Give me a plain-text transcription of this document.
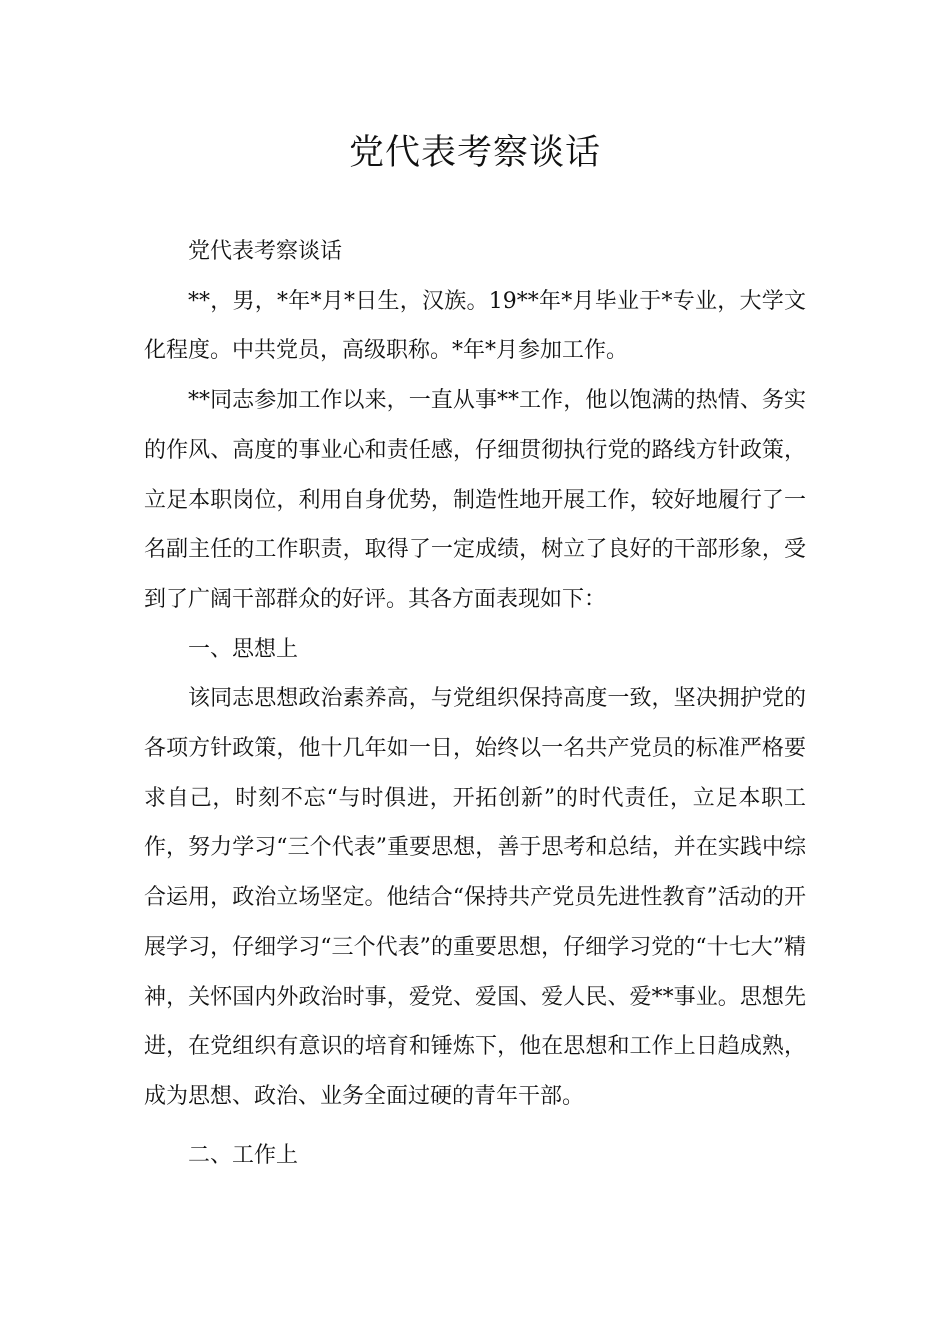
党代表考察谈话

党代表考察谈话

**，男，*年*月*日生，汉族。19**年*月毕业于*专业，大学文化程度。中共党员，高级职称。*年*月参加工作。

**同志参加工作以来，一直从事**工作，他以饱满的热情、务实的作风、高度的事业心和责任感，仔细贯彻执行党的路线方针政策，立足本职岗位，利用自身优势，制造性地开展工作，较好地履行了一名副主任的工作职责，取得了一定成绩，树立了良好的干部形象，受到了广阔干部群众的好评。其各方面表现如下：

一、思想上

该同志思想政治素养高，与党组织保持高度一致，坚决拥护党的各项方针政策，他十几年如一日，始终以一名共产党员的标准严格要求自己，时刻不忘“与时俱进，开拓创新”的时代责任，立足本职工作，努力学习“三个代表”重要思想，善于思考和总结，并在实践中综合运用，政治立场坚定。他结合“保持共产党员先进性教育”活动的开展学习，仔细学习“三个代表”的重要思想，仔细学习党的“十七大”精神，关怀国内外政治时事，爱党、爱国、爱人民、爱**事业。思想先进，在党组织有意识的培育和锤炼下，他在思想和工作上日趋成熟，成为思想、政治、业务全面过硬的青年干部。

二、工作上
